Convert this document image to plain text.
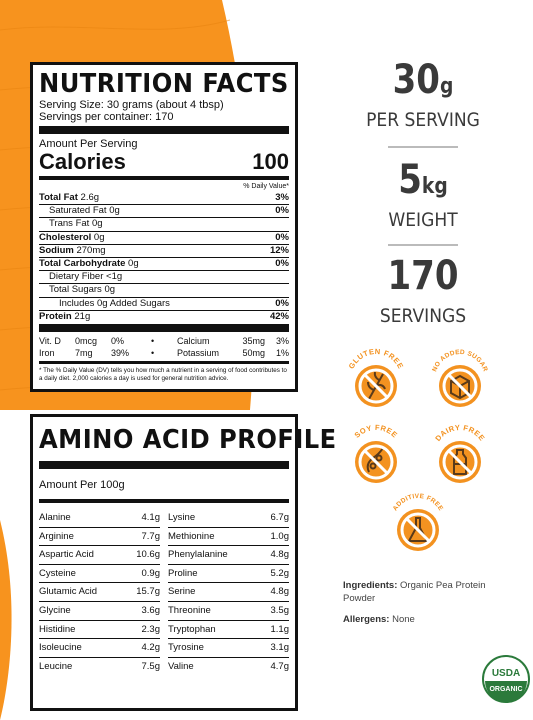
NUTRITION FACTS
Serving Size: 30 grams (about 4 tbsp)
Servings per container: 170
Amount Per Serving
Calories	100
% Daily Value*
Total Fat 2.6g	3%
Saturated Fat 0g	0%
Trans Fat 0g
Cholesterol 0g	0%
Sodium 270mg	12%
Total Carbohydrate 0g	0%
Dietary Fiber <1g
Total Sugars 0g
Includes 0g Added Sugars	0%
Protein 21g	42%
Vit. D	0mcg	0%	•	Calcium	35mg	3%
Iron	7mg	39%	•	Potassium	50mg	1%
* The % Daily Value (DV) tells you how much a nutrient in a serving of food contributes to a daily diet. 2,000 calories a day is used for general nutrition advice.
AMINO ACID PROFILE
Amount Per 100g
Alanine	4.1g
Arginine	7.7g
Aspartic Acid	10.6g
Cysteine	0.9g
Glutamic Acid	15.7g
Glycine	3.6g
Histidine	2.3g
Isoleucine	4.2g
Leucine	7.5g
Lysine	6.7g
Methionine	1.0g
Phenylalanine	4.8g
Proline	5.2g
Serine	4.8g
Threonine	3.5g
Tryptophan	1.1g
Tyrosine	3.1g
Valine	4.7g
30g
PER SERVING
5kg
WEIGHT
170
SERVINGS
GLUTEN FREE	NO ADDED SUGAR
SOY FREE	DAIRY FREE
ADDITIVE FREE
Ingredients: Organic Pea Protein Powder
Allergens: None
USDA
ORGANIC
